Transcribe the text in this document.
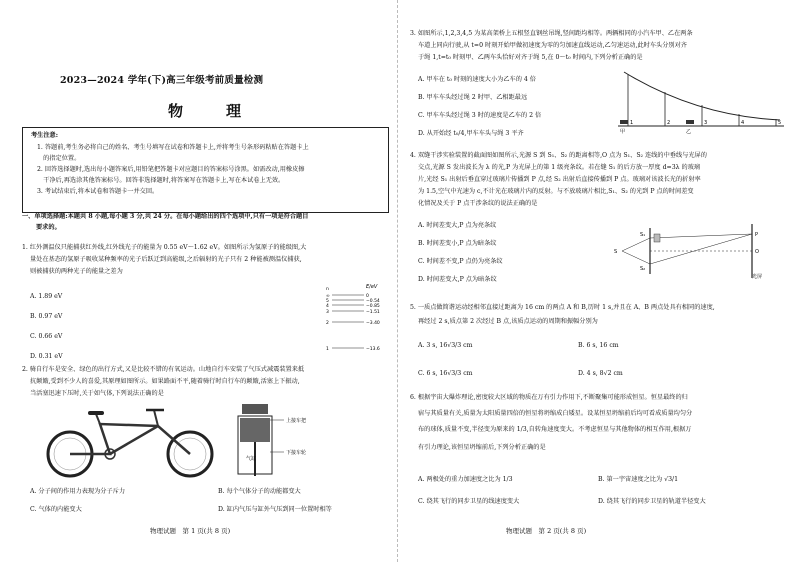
2023—2024 学年(下)高三年级考前质量检测
物　理
考生注意:
1. 答题前,考生务必将自己的姓名、考生号填写在试卷和答题卡上,并将考生号条形码粘贴在答题卡上
　的指定位置。
2. 回答选择题时,选出每小题答案后,用铅笔把答题卡对应题目的答案标号涂黑。如需改动,用橡皮擦
　干净后,再选涂其他答案标号。回答非选择题时,将答案写在答题卡上,写在本试卷上无效。
3. 考试结束后,将本试卷和答题卡一并交回。
一、单项选择题:本题共 8 小题,每小题 3 分,共 24 分。在每小题给出的四个选项中,只有一项是符合题目
要求的。
1. 红外测温仪只能捕获红外线,红外线光子的能量为 0.55 eV～1.62 eV。如图所示为氢原子的能级图,大
量处在基态的氢原子吸收某种频率的光子后跃迁到高能级,之后辐射的光子只有 2 种能被测温仪捕获,
则被捕获的两种光子的能量之差为
A. 1.89 eV
B. 0.97 eV
C. 0.66 eV
D. 0.31 eV
E/eV
n
∞	0
5	−0.54
4	−0.85
3	−1.51
2	−3.40
1	−13.6
2. 骑自行车是安全、绿色的出行方式,又是比较不错的有氧运动。山地自行车安装了气压式减震装置来抵
抗颠簸,受到不少人的喜爱,其原理如图所示。如果路面不平,随着骑行时自行车的颠簸,活塞上下振动,
当活塞迅速下压时,关于如气体,下列说法正确的是
上接车把
气缸
下接车轮
A. 分子间的作用力表现为分子斥力	B. 每个气体分子的动能都变大
C. 气体的内能变大	D. 缸内气压与缸外气压到同一位置时相等
物理试题　第 1 页(共 8 页)
3. 如图所示,1,2,3,4,5 为某高架桥上五根竖直钢丝吊绳,竖间距均相等。两辆相同的小汽车甲、乙在两条
车道上同向行驶,从 t=0 时刻开始甲做初速度为零的匀加速直线运动,乙匀速运动,此时车头分别对齐
于绳 1,t=t₀ 时刻甲、乙两车头恰好对齐于绳 5,在 0～t₀ 时间内,下列分析正确的是
A. 甲车在 t₀ 时刻的速度大小为乙车的 4 倍
B. 甲车车头经过绳 2 时甲、乙相距最远
C. 甲车车头经过绳 3 时的速度是乙车的 2 倍
D. 从开始经 t₀/4,甲车车头与绳 3 平齐
1	2	3	4	5
甲	乙
4. 双缝干涉实验装置的截面图如图所示,光源 S 到 S₁、S₂ 的距离相等,O 点为 S₁、S₂ 连线的中垂线与光屏的
交点,光源 S 发出波长为 λ 的光,P 为光屏上的第 1 级亮条纹。若在缝 S₁ 的后方放一厚度 d=3λ 的玻璃
片,光经 S₁ 出射后垂直穿过玻璃片传播到 P 点,经 S₂ 出射后直接传播到 P 点。玻璃对该波长光的折射率
为 1.5,空气中光速为 c,不计光在玻璃片内的反射。与不放玻璃片相比,S₁、S₂ 的光到 P 点的时间差变
化情况及关于 P 点干涉条纹的说法正确的是
A. 时间差变大,P 点为亮条纹
B. 时间差变小,P 点为暗条纹
C. 时间差不变,P 点仍为亮条纹
D. 时间差变大,P 点为暗条纹
S₁
S₂
S
P
O
光屏
5. 一质点做简谐运动经相邻直接过距离为 16 cm 的两点 A 和 B,历时 1 s,并且在 A、B 两点处具有相同的速度,
再经过 2 s,质点第 2 次经过 B 点,该质点运动的周期和振幅分别为
A. 3 s, 16√3/3 cm	B. 6 s, 16 cm
C. 6 s, 16√3/3 cm	D. 4 s, 8√2 cm
6. 根据宇宙大爆炸理论,密度较大区域的物质在万有引力作用下,不断聚集可能形成恒星。恒星最终的归
宿与其质量有关,质量为太阳质量四倍的恒星将坍缩成白矮星。设某恒星坍缩前后均可看成质量均匀分
布的球体,质量不变,半径变为原来的 1/3,自转角速度变大。不考虑恒星与其他物体的相互作用,根据万
有引力理论,该恒星坍缩前后,下列分析正确的是
A. 两极处的重力加速度之比为 1/3	B. 第一宇宙速度之比为 √3/1
C. 绕其飞行的同步卫星的线速度变大	D. 绕其飞行的同步卫星的轨道半径变大
物理试题　第 2 页(共 8 页)
